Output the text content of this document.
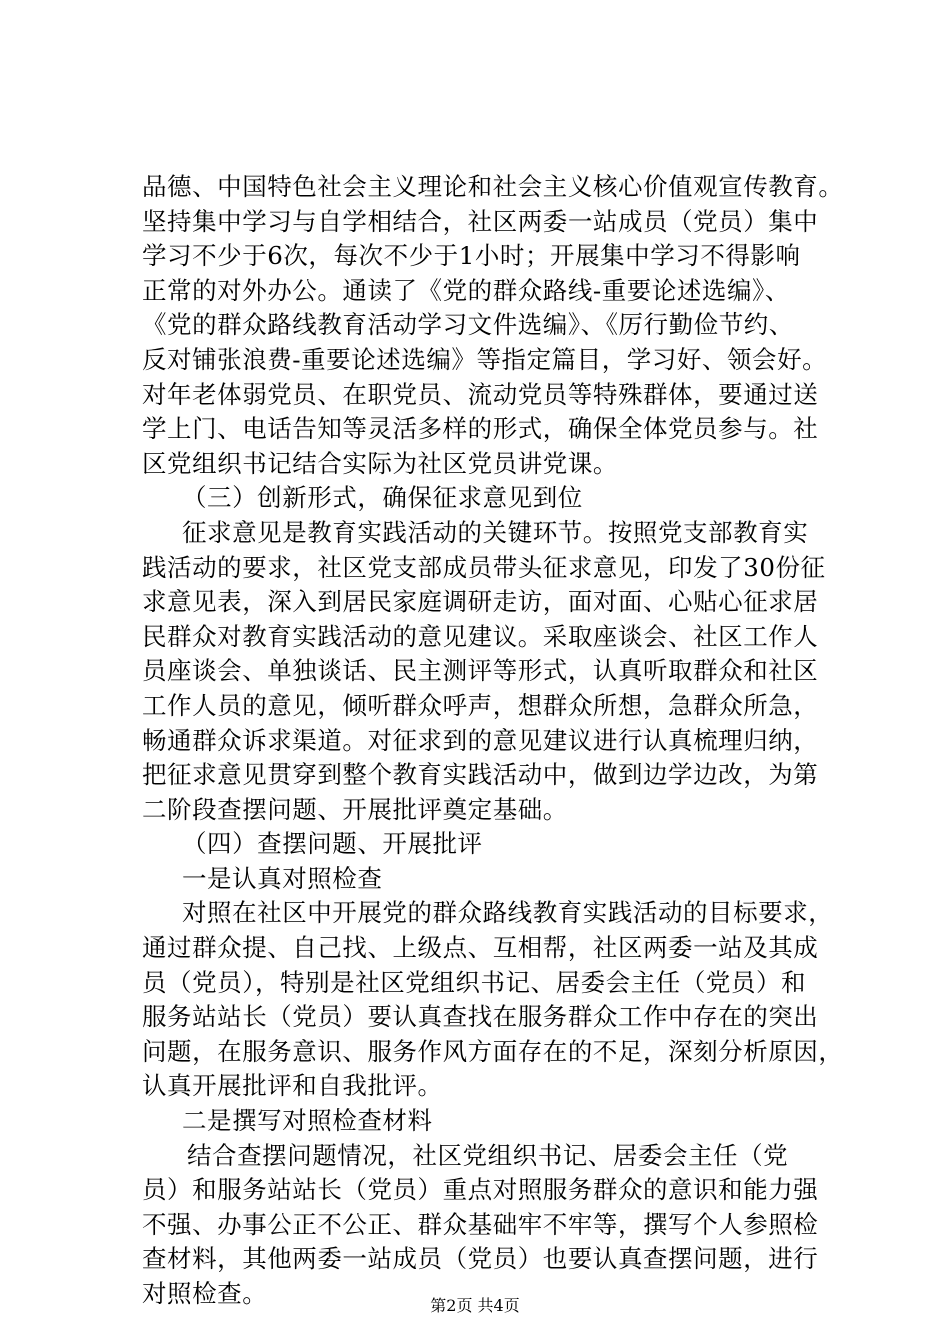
品德、中国特色社会主义理论和社会主义核心价值观宣传教育。
坚持集中学习与自学相结合，社区两委一站成员（党员）集中
学习不少于6次，每次不少于1小时；开展集中学习不得影响
正常的对外办公。通读了《党的群众路线-重要论述选编》、
《党的群众路线教育活动学习文件选编》、《厉行勤俭节约、
反对铺张浪费-重要论述选编》等指定篇目，学习好、领会好。
对年老体弱党员、在职党员、流动党员等特殊群体，要通过送
学上门、电话告知等灵活多样的形式，确保全体党员参与。社
区党组织书记结合实际为社区党员讲党课。
（三）创新形式，确保征求意见到位
征求意见是教育实践活动的关键环节。按照党支部教育实
践活动的要求，社区党支部成员带头征求意见，印发了30份征
求意见表，深入到居民家庭调研走访，面对面、心贴心征求居
民群众对教育实践活动的意见建议。采取座谈会、社区工作人
员座谈会、单独谈话、民主测评等形式，认真听取群众和社区
工作人员的意见，倾听群众呼声，想群众所想，急群众所急，
畅通群众诉求渠道。对征求到的意见建议进行认真梳理归纳，
把征求意见贯穿到整个教育实践活动中，做到边学边改，为第
二阶段查摆问题、开展批评奠定基础。
（四）查摆问题、开展批评
一是认真对照检查
对照在社区中开展党的群众路线教育实践活动的目标要求，
通过群众提、自己找、上级点、互相帮，社区两委一站及其成
员（党员），特别是社区党组织书记、居委会主任（党员）和
服务站站长（党员）要认真查找在服务群众工作中存在的突出
问题，在服务意识、服务作风方面存在的不足，深刻分析原因，
认真开展批评和自我批评。
二是撰写对照检查材料
结合查摆问题情况，社区党组织书记、居委会主任（党
员）和服务站站长（党员）重点对照服务群众的意识和能力强
不强、办事公正不公正、群众基础牢不牢等，撰写个人参照检
查材料，其他两委一站成员（党员）也要认真查摆问题，进行
对照检查。	第2页 共4页
